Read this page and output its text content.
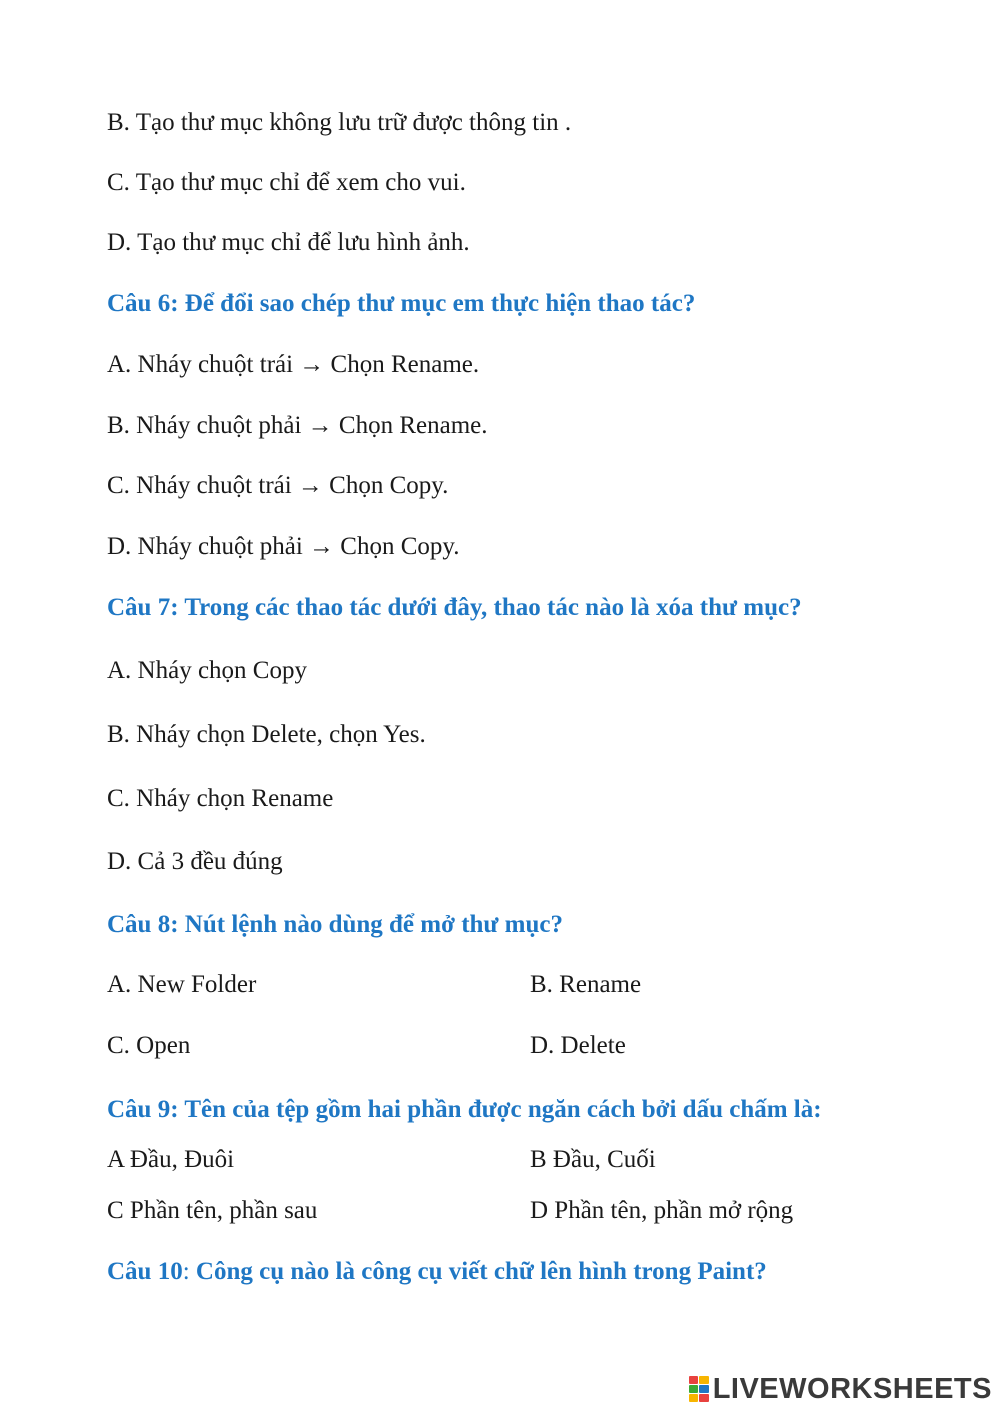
B. Tạo thư mục không lưu trữ được thông tin .
C. Tạo thư mục chỉ để xem cho vui.
D. Tạo thư mục chỉ để lưu hình ảnh.
Câu 6: Để đổi sao chép thư mục em thực hiện thao tác?
A. Nháy chuột trái → Chọn Rename.
B. Nháy chuột phải → Chọn Rename.
C. Nháy chuột trái → Chọn Copy.
D. Nháy chuột phải → Chọn Copy.
Câu 7: Trong các thao tác dưới đây, thao tác nào là xóa thư mục?
A. Nháy chọn Copy
B. Nháy chọn Delete, chọn Yes.
C. Nháy chọn Rename
D. Cả 3 đều đúng
Câu 8: Nút lệnh nào dùng để mở thư mục?
A. New Folder	B. Rename
C. Open	D. Delete
Câu 9: Tên của tệp gồm hai phần được ngăn cách bởi dấu chấm là:
A Đầu, Đuôi	B Đầu, Cuối
C Phần tên, phần sau	D Phần tên, phần mở rộng
Câu 10: Công cụ nào là công cụ viết chữ lên hình trong Paint?
LIVEWORKSHEETS
